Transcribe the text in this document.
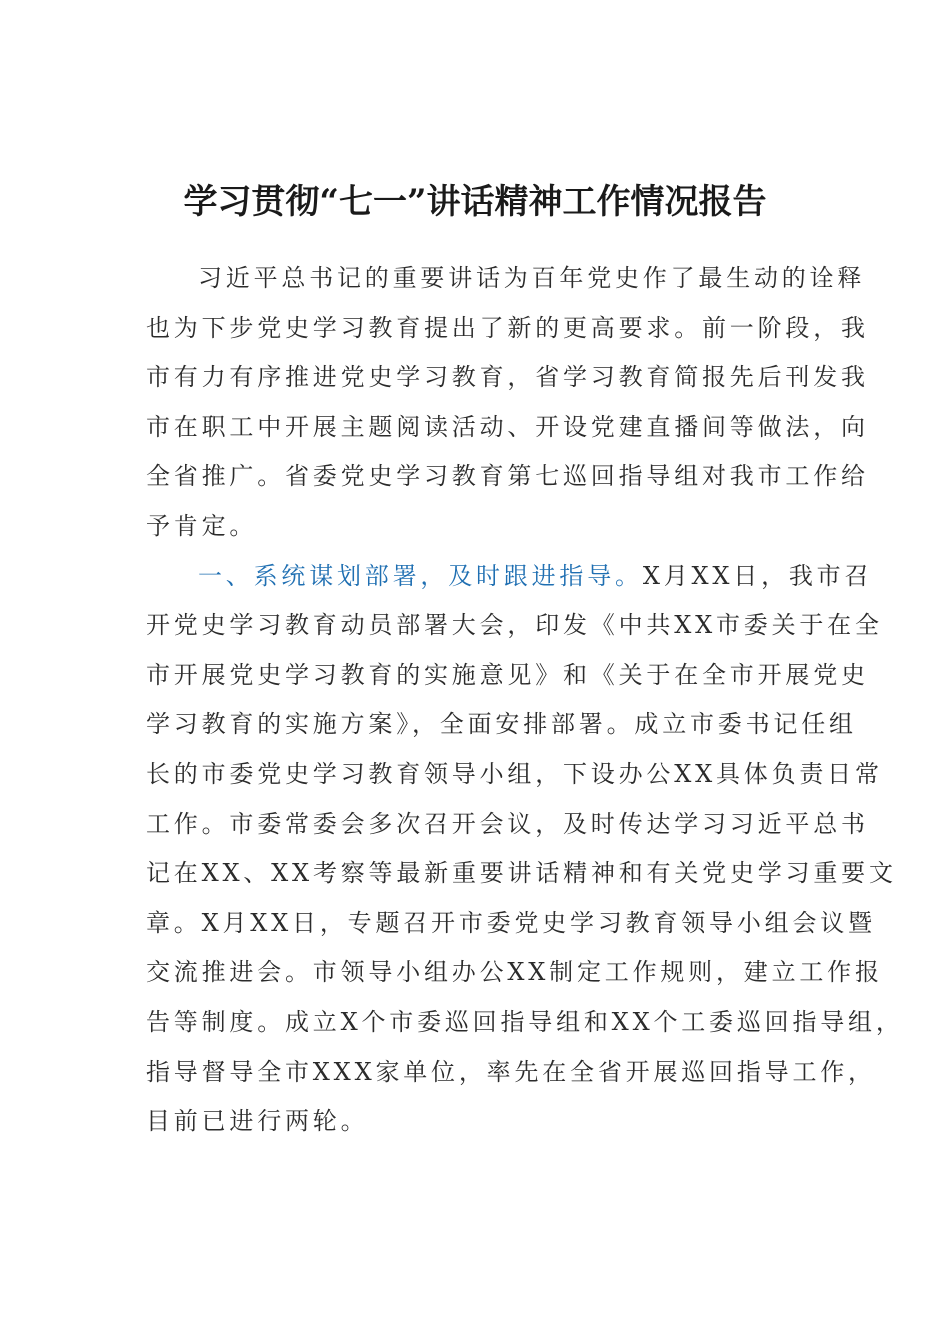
学习贯彻“七一”讲话精神工作情况报告
习近平总书记的重要讲话为百年党史作了最生动的诠释
也为下步党史学习教育提出了新的更高要求。前一阶段，我
市有力有序推进党史学习教育，省学习教育简报先后刊发我
市在职工中开展主题阅读活动、开设党建直播间等做法，向
全省推广。省委党史学习教育第七巡回指导组对我市工作给
予肯定。
一、系统谋划部署，及时跟进指导。X月XX日，我市召
开党史学习教育动员部署大会，印发《中共XX市委关于在全
市开展党史学习教育的实施意见》和《关于在全市开展党史
学习教育的实施方案》，全面安排部署。成立市委书记任组
长的市委党史学习教育领导小组，下设办公XX具体负责日常
工作。市委常委会多次召开会议，及时传达学习习近平总书
记在XX、XX考察等最新重要讲话精神和有关党史学习重要文
章。X月XX日，专题召开市委党史学习教育领导小组会议暨
交流推进会。市领导小组办公XX制定工作规则，建立工作报
告等制度。成立X个市委巡回指导组和XX个工委巡回指导组，
指导督导全市XXX家单位，率先在全省开展巡回指导工作，
目前已进行两轮。
